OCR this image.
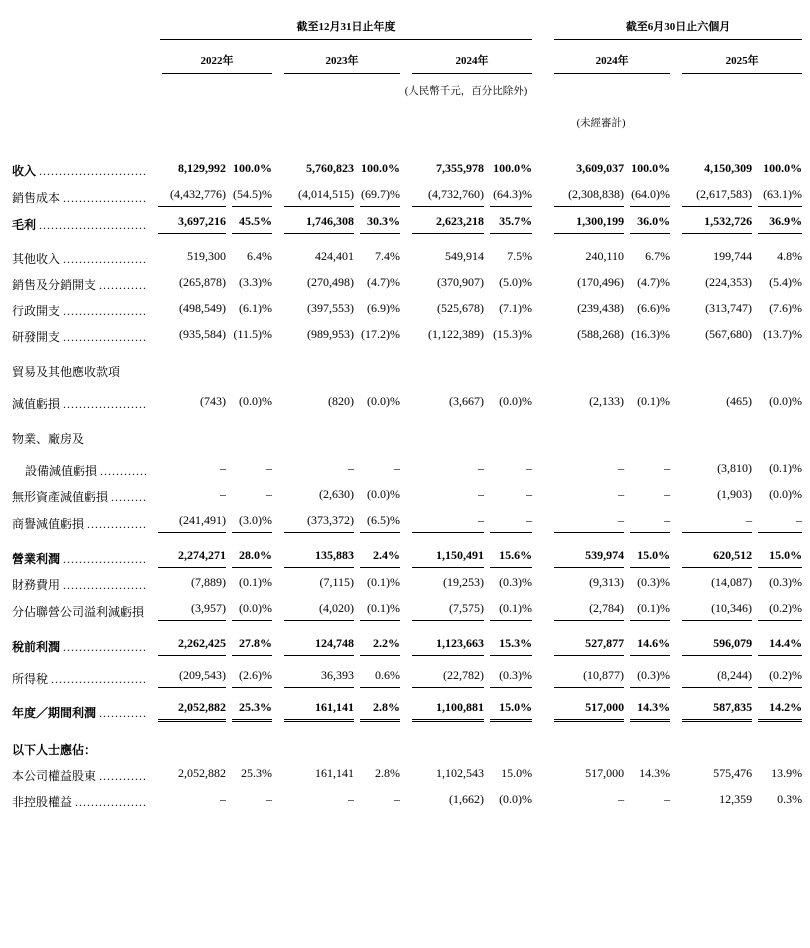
	截至12月31日止年度						截至6月30日止六個月			

	2022年		2023年		2024年		2024年		2025年	

					(人民幣千元，百分比除外)					

							(未經審計)			

收入
.....	8,129,992	100.0%	5,760,823	100.0%	7,355,978	100.0%	3,609,037	100.0%	4,150,309	100.0%

銷售成本
.....	(4,432,776)	(54.5)%	(4,014,515)	(69.7)%	(4,732,760)	(64.3)%	(2,308,838)	(64.0)%	(2,617,583)	(63.1)%

毛利
.....	3,697,216	45.5%	1,746,308	30.3%	2,623,218	35.7%	1,300,199	36.0%	1,532,726	36.9%

其他收入
.....	519,300	6.4%	424,401	7.4%	549,914	7.5%	240,110	6.7%	199,744	4.8%

銷售及分銷開支
.....	(265,878)	(3.3)%	(270,498)	(4.7)%	(370,907)	(5.0)%	(170,496)	(4.7)%	(224,353)	(5.4)%

行政開支
.....	(498,549)	(6.1)%	(397,553)	(6.9)%	(525,678)	(7.1)%	(239,438)	(6.6)%	(313,747)	(7.6)%

研發開支
.....	(935,584)	(11.5)%	(989,953)	(17.2)%	(1,122,389)	(15.3)%	(588,268)	(16.3)%	(567,680)	(13.7)%

貿易及其他應收款項
減值虧損
.....	(743)	(0.0)%	(820)	(0.0)%	(3,667)	(0.0)%	(2,133)	(0.1)%	(465)	(0.0)%

物業、廠房及
設備減值虧損
.....	–	–	–	–	–	–	–	–	(3,810)	(0.1)%

無形資產減值虧損
.....	–	–	(2,630)	(0.0)%	–	–	–	–	(1,903)	(0.0)%

商譽減值虧損
.....	(241,491)	(3.0)%	(373,372)	(6.5)%	–	–	–	–	–	–

營業利潤
.....	2,274,271	28.0%	135,883	2.4%	1,150,491	15.6%	539,974	15.0%	620,512	15.0%

財務費用
.....	(7,889)	(0.1)%	(7,115)	(0.1)%	(19,253)	(0.3)%	(9,313)	(0.3)%	(14,087)	(0.3)%

分佔聯營公司溢利減虧損	(3,957)	(0.0)%	(4,020)	(0.1)%	(7,575)	(0.1)%	(2,784)	(0.1)%	(10,346)	(0.2)%

稅前利潤
.....	2,262,425	27.8%	124,748	2.2%	1,123,663	15.3%	527,877	14.6%	596,079	14.4%

所得稅
.....	(209,543)	(2.6)%	36,393	0.6%	(22,782)	(0.3)%	(10,877)	(0.3)%	(8,244)	(0.2)%

年度／期間利潤
.....	2,052,882	25.3%	161,141	2.8%	1,100,881	15.0%	517,000	14.3%	587,835	14.2%

以下人士應佔：										

本公司權益股東
.....	2,052,882	25.3%	161,141	2.8%	1,102,543	15.0%	517,000	14.3%	575,476	13.9%

非控股權益
.....	–	–	–	–	(1,662)	(0.0)%	–	–	12,359	0.3%
